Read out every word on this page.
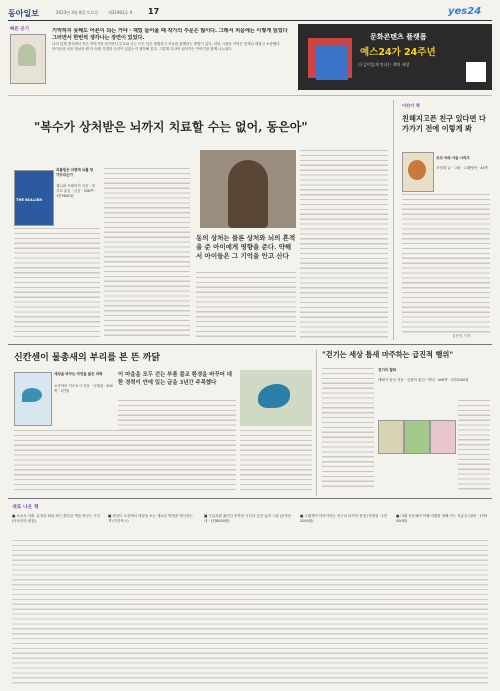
동아일보	2023년 4월 8일 토요일 제31903호 A 17	yes24
빠른 공기	기억하지 못해도 어른이 되는 거야 · 재밌 들어올 때 작가의 주문은 많이다. 그래서 처음에는 이렇게 읽었다 그러면서 한번씩 생각나는 장면이 있었다.

나의 한계 방식에서 작은 이야기를 넘기면서 부모와 사는 모든 일은 평범하고 서로를 함께하는 방법이 있다. 어린 시절의 기억은 언제나 새롭고 소중했다.

아이들과 처음 만났을 때 이 어떤 특별한 순간이 있었는지 생각해 본다. 그렇게 하나씩 넘어가는 이야기를 함께 나누었다.

문화콘텐츠 플랫폼
예스24가 24주년
더 깊이있게 만나는 책의 세상
"복수가 상처받은 뇌까지 치료할 수는 없어, 동은아"
THE BULLIER
괴롭힘은 어떻게 뇌를 망가뜨리는가
제니퍼 프레이저 지음 · 정지호 옮김 · 심심 · 336쪽 · 1만9800원
동의 상처는 물론 상처와 뇌의 흔적을 준 아이에게 영향을 준다. 약해서 아이들은 그 기억을 안고 산다
어린이 책
친해지고픈 친구 있다면 다가가기 전에 이렇게 봐
코코 씨와 사슴 시리즈
조영재 글 · 그림 · 고래뱃속 · 44쪽
김은민 기자
신칸센이 물총새의 부리를 본 뜬 까닭
세상을 바꾸는 자연을 닮은 과학
오쿠야마 가즈요시 지음 · 사계절 · 304쪽 · 2만원
이 마을을 모두 걷는 부품 불교 환경을 바꾸어 대한 경력이 안에 있는 글을 3년간 주목했다
"걷기는 세상 틈새 마주하는 급진적 행위"
걷기의 철학
레베카 솔닛 지음 · 김정아 옮김 · 반비 · 408쪽 · 2만2000원
새로 나온 책
■ 오소독 저출, 퓨전의 회복 최근 출간된 책을 만나는 시간 (아포리아 편집)
■ 파인더 오감에서 세상을 보는 새로운 방법을 제시하는 책 (이음북스)
■ 구름처럼 흘러간 문학의 시간과 공간 글과 그림 (문학동네 · 1만8000원)
■ 그림책이 이야기하는 지구의 마지막 풍경 (사계절 · 2만2000원)
■ 미래 공동체의 이해 미래를 향해 가는 지름길 (창비 · 1만5000원)
